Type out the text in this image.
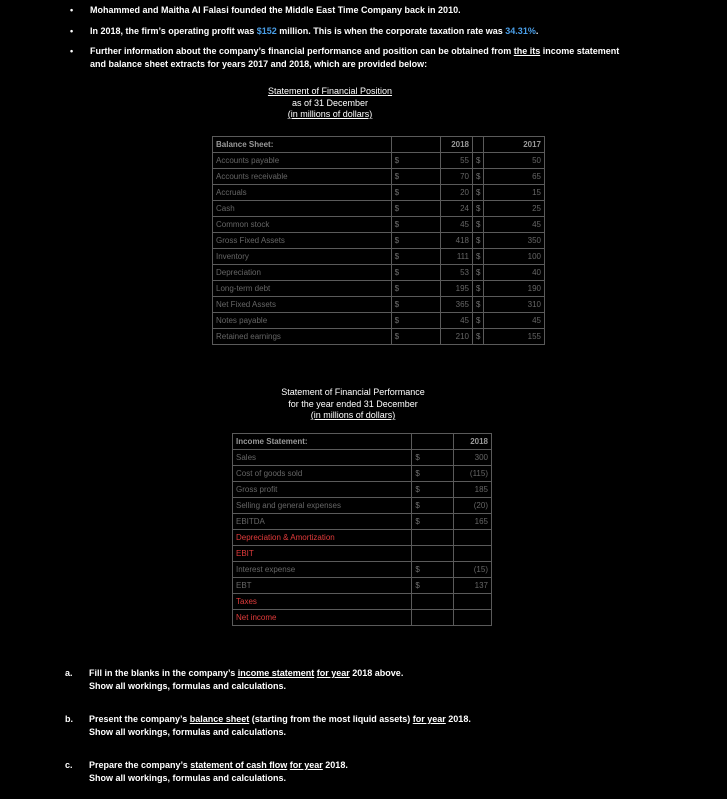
• Mohammed and Maitha Al Falasi founded the Middle East Time Company back in 2010.
• In 2018, the firm’s operating profit was $152 million. This is when the corporate taxation rate was 34.31%.
• Further information about the company’s financial performance and position can be obtained from the its income statement
and balance sheet extracts for years 2017 and 2018, which are provided below:
Statement of Financial Position
as of 31 December
(in millions of dollars)
Balance Sheet:		2018		2017
Accounts payable	$	55	$	50
Accounts receivable	$	70	$	65
Accruals	$	20	$	15
Cash	$	24	$	25
Common stock	$	45	$	45
Gross Fixed Assets	$	418	$	350
Inventory	$	111	$	100
Depreciation	$	53	$	40
Long-term debt	$	195	$	190
Net Fixed Assets	$	365	$	310
Notes payable	$	45	$	45
Retained earnings	$	210	$	155
Statement of Financial Performance
for the year ended 31 December
(in millions of dollars)
Income Statement:		2018
Sales	$	300
Cost of goods sold	$	(115)
Gross profit	$	185
Selling and general expenses	$	(20)
EBITDA	$	165
Depreciation & Amortization		
EBIT		
Interest expense	$	(15)
EBT	$	137
Taxes		
Net income		
a. Fill in the blanks in the company’s income statement for year 2018 above.
Show all workings, formulas and calculations.
b. Present the company’s balance sheet (starting from the most liquid assets) for year 2018.
Show all workings, formulas and calculations.
c. Prepare the company’s statement of cash flow for year 2018.
Show all workings, formulas and calculations.
